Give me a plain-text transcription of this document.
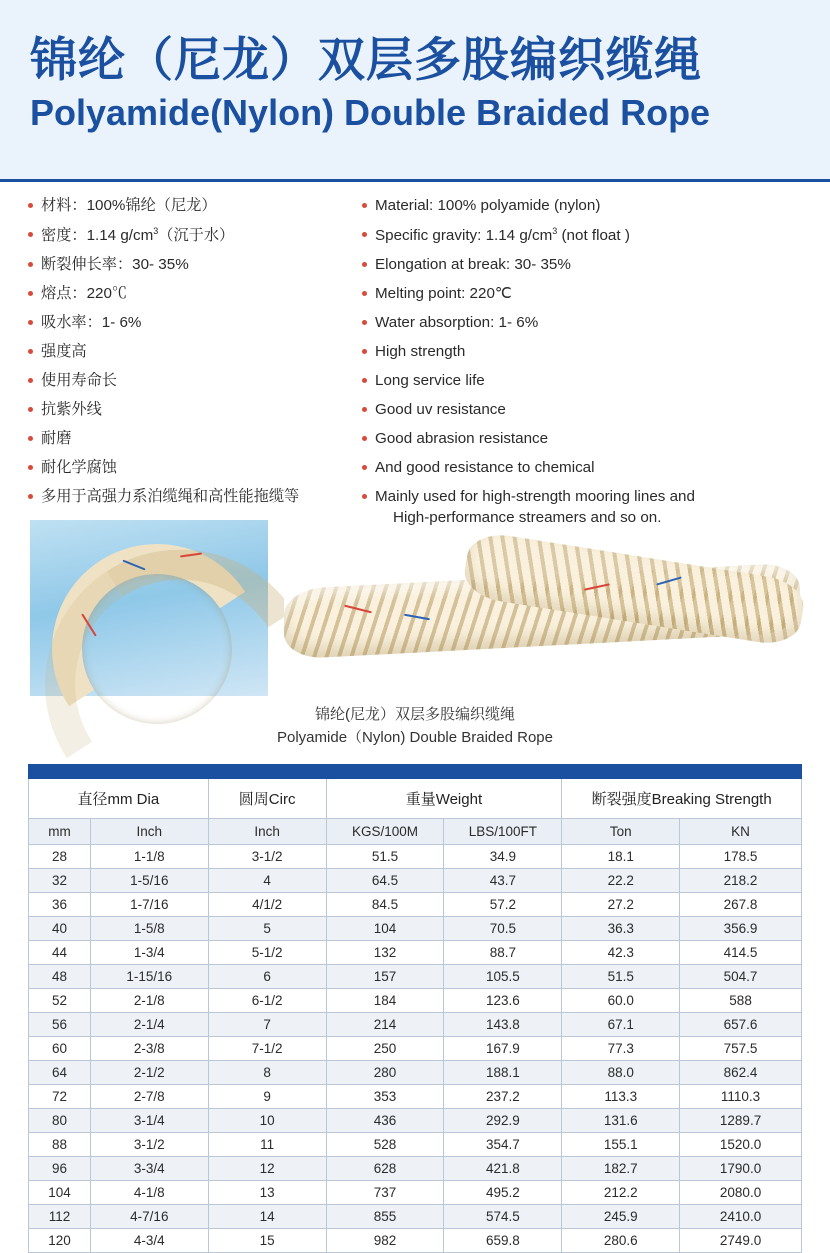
锦纶（尼龙）双层多股编织缆绳
Polyamide(Nylon) Double Braided Rope
材料：100%锦纶（尼龙）
密度：1.14 $g/cm^3$（沉于水）
断裂伸长率：30- 35%
熔点：220℃
吸水率：1- 6%
强度高
使用寿命长
抗紫外线
耐磨
耐化学腐蚀
多用于高强力系泊缆绳和高性能拖缆等
Material: 100% polyamide (nylon)
Specific gravity: 1.14 $g/cm^3$ (not float )
Elongation at break: 30- 35%
Melting point: 220℃
Water absorption: 1- 6%
High strength
Long service life
Good uv resistance
Good abrasion resistance
And good resistance to chemical
Mainly used for high-strength mooring lines and
High-performance streamers and so on.
锦纶(尼龙）双层多股编织缆绳
Polyamide（Nylon) Double Braided Rope

直径mm Dia		圆周Circ	重量Weight		断裂强度Breaking Strength	
mm	Inch	Inch	KGS/100M	LBS/100FT	Ton	KN
28	1-1/8	3-1/2	51.5	34.9	18.1	178.5
32	1-5/16	4	64.5	43.7	22.2	218.2
36	1-7/16	4/1/2	84.5	57.2	27.2	267.8
40	1-5/8	5	104	70.5	36.3	356.9
44	1-3/4	5-1/2	132	88.7	42.3	414.5
48	1-15/16	6	157	105.5	51.5	504.7
52	2-1/8	6-1/2	184	123.6	60.0	588
56	2-1/4	7	214	143.8	67.1	657.6
60	2-3/8	7-1/2	250	167.9	77.3	757.5
64	2-1/2	8	280	188.1	88.0	862.4
72	2-7/8	9	353	237.2	113.3	1110.3
80	3-1/4	10	436	292.9	131.6	1289.7
88	3-1/2	11	528	354.7	155.1	1520.0
96	3-3/4	12	628	421.8	182.7	1790.0
104	4-1/8	13	737	495.2	212.2	2080.0
112	4-7/16	14	855	574.5	245.9	2410.0
120	4-3/4	15	982	659.8	280.6	2749.0
